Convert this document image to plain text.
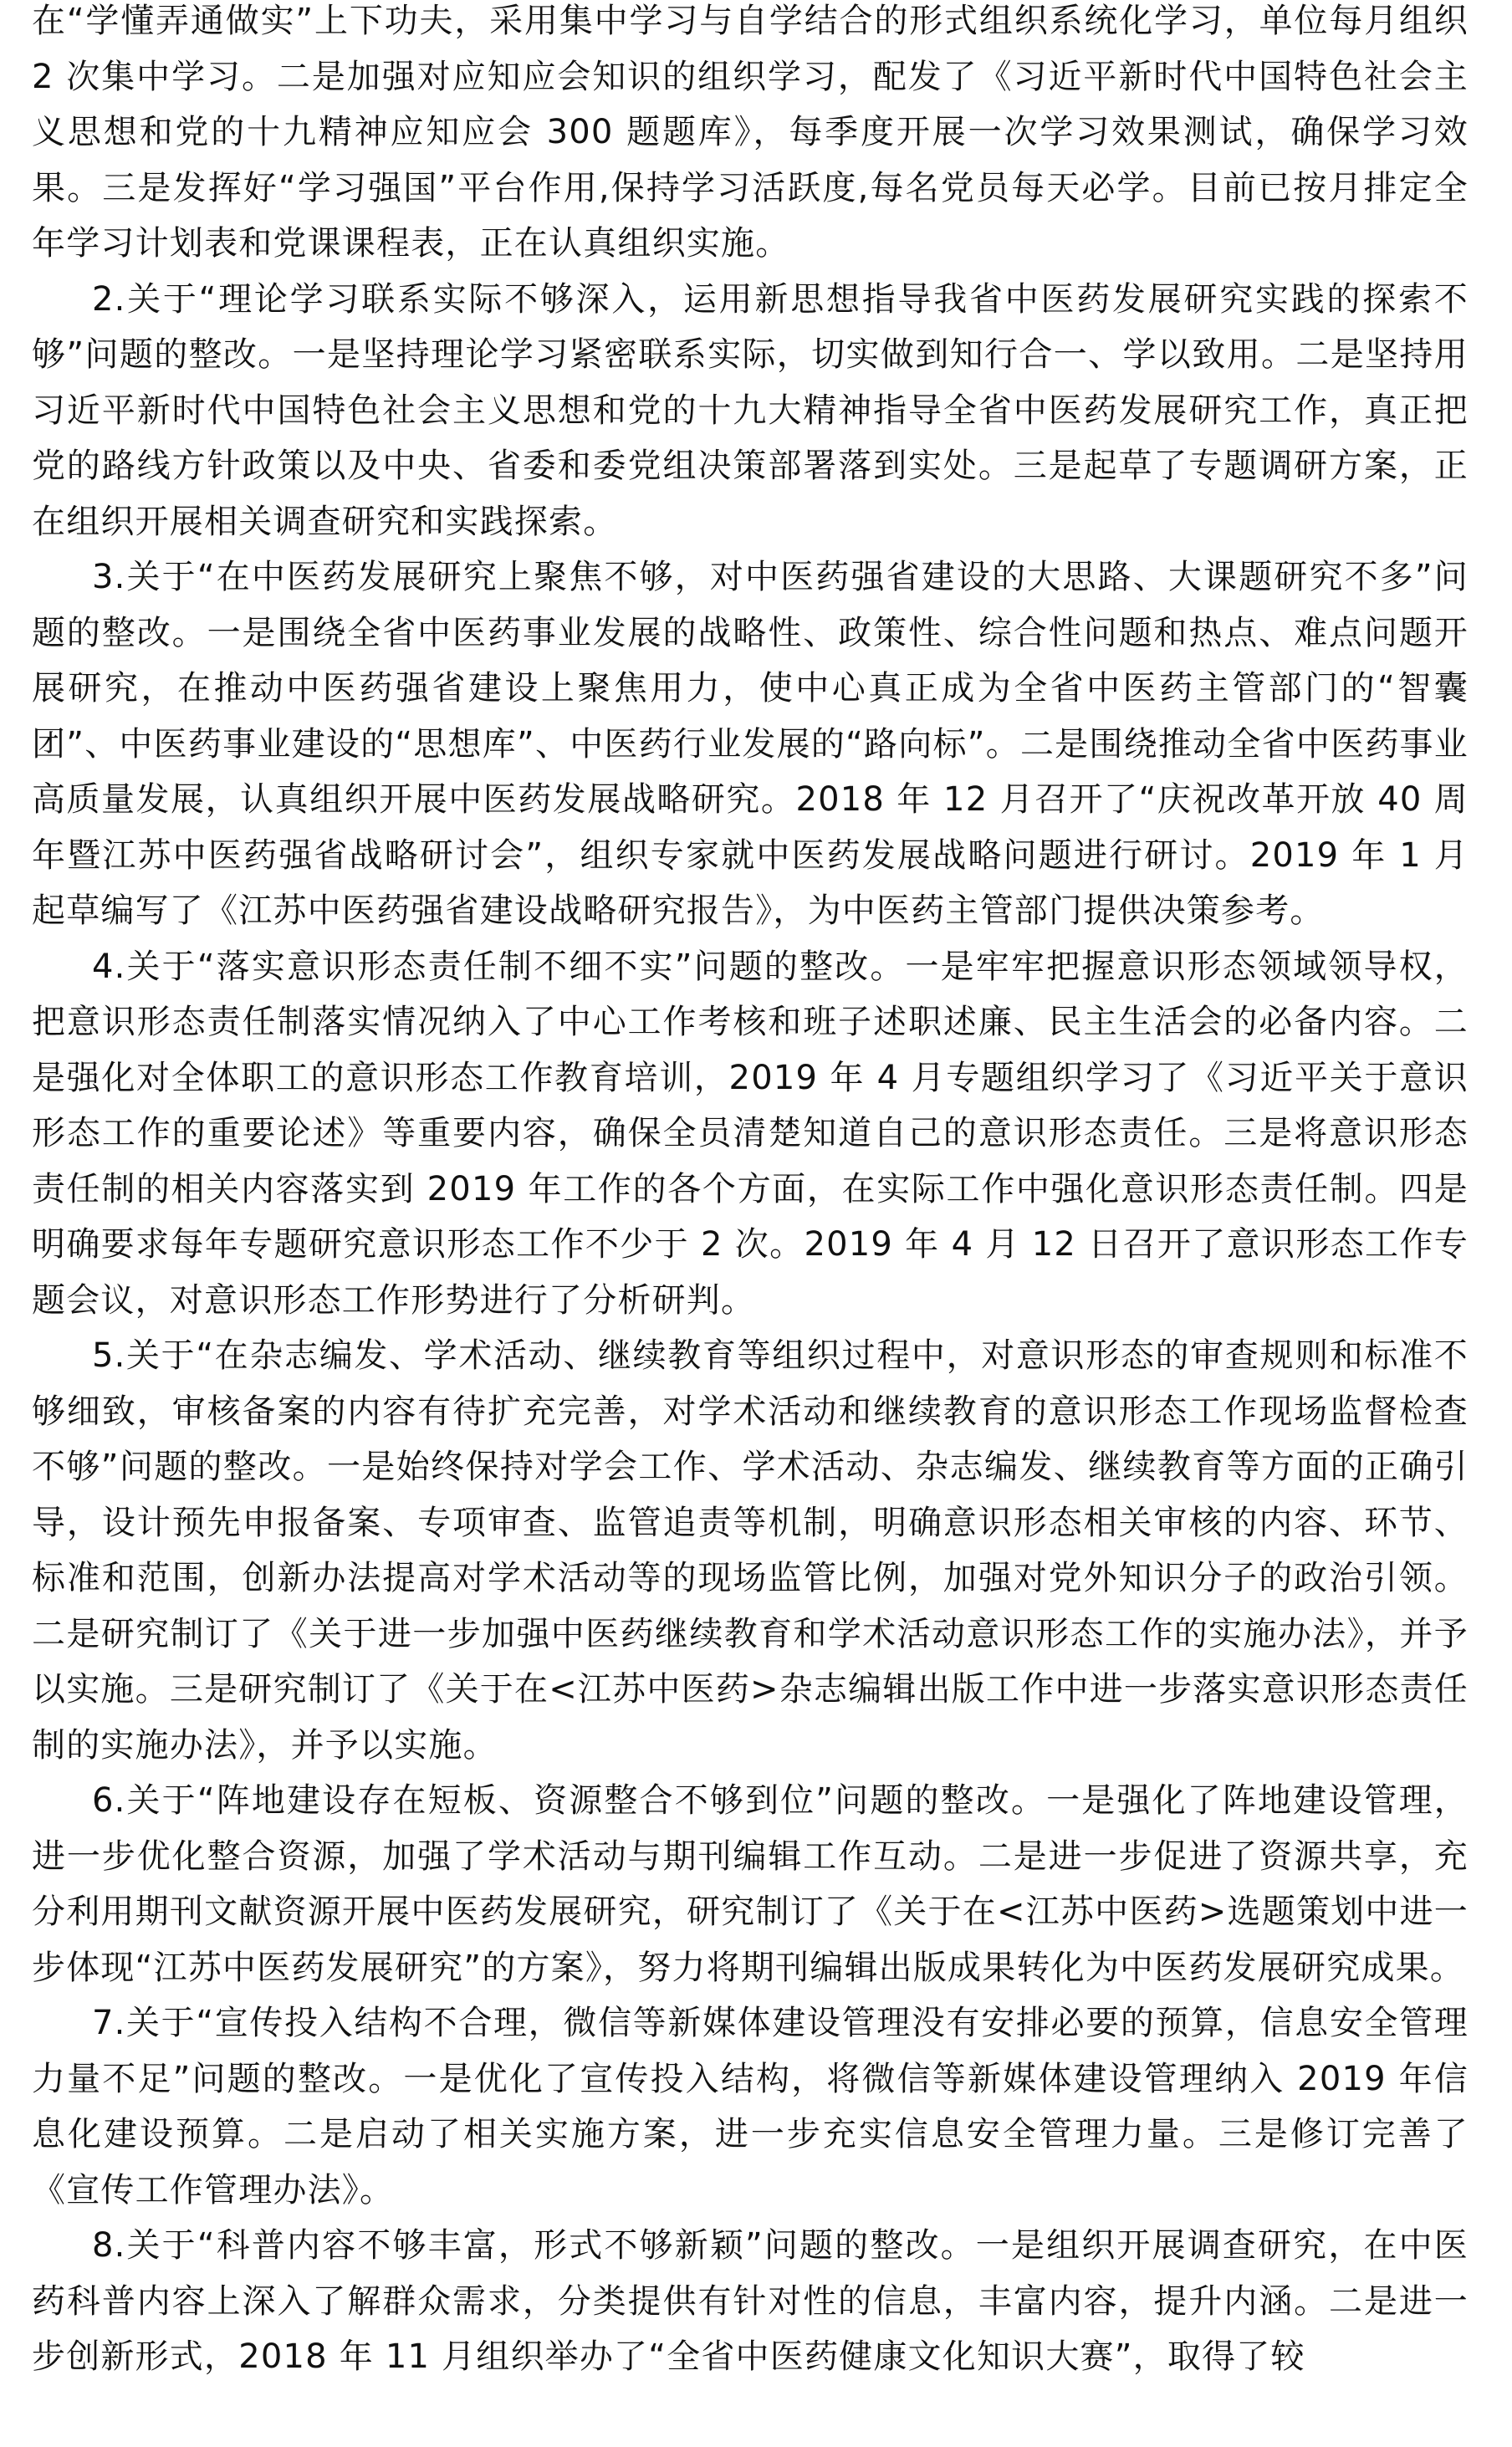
在“学懂弄通做实”上下功夫，采用集中学习与自学结合的形式组织系统化学习，单位每月组织 2 次集中学习。二是加强对应知应会知识的组织学习，配发了《习近平新时代中国特色社会主义思想和党的十九精神应知应会 300 题题库》，每季度开展一次学习效果测试，确保学习效果。三是发挥好“学习强国”平台作用,保持学习活跃度,每名党员每天必学。目前已按月排定全年学习计划表和党课课程表，正在认真组织实施。

2.关于“理论学习联系实际不够深入，运用新思想指导我省中医药发展研究实践的探索不够”问题的整改。一是坚持理论学习紧密联系实际，切实做到知行合一、学以致用。二是坚持用习近平新时代中国特色社会主义思想和党的十九大精神指导全省中医药发展研究工作，真正把党的路线方针政策以及中央、省委和委党组决策部署落到实处。三是起草了专题调研方案，正在组织开展相关调查研究和实践探索。

3.关于“在中医药发展研究上聚焦不够，对中医药强省建设的大思路、大课题研究不多”问题的整改。一是围绕全省中医药事业发展的战略性、政策性、综合性问题和热点、难点问题开展研究，在推动中医药强省建设上聚焦用力，使中心真正成为全省中医药主管部门的“智囊团”、中医药事业建设的“思想库”、中医药行业发展的“路向标”。二是围绕推动全省中医药事业高质量发展，认真组织开展中医药发展战略研究。2018 年 12 月召开了“庆祝改革开放 40 周年暨江苏中医药强省战略研讨会”，组织专家就中医药发展战略问题进行研讨。2019 年 1 月起草编写了《江苏中医药强省建设战略研究报告》，为中医药主管部门提供决策参考。

4.关于“落实意识形态责任制不细不实”问题的整改。一是牢牢把握意识形态领域领导权，把意识形态责任制落实情况纳入了中心工作考核和班子述职述廉、民主生活会的必备内容。二是强化对全体职工的意识形态工作教育培训，2019 年 4 月专题组织学习了《习近平关于意识形态工作的重要论述》等重要内容，确保全员清楚知道自己的意识形态责任。三是将意识形态责任制的相关内容落实到 2019 年工作的各个方面，在实际工作中强化意识形态责任制。四是明确要求每年专题研究意识形态工作不少于 2 次。2019 年 4 月 12 日召开了意识形态工作专题会议，对意识形态工作形势进行了分析研判。

5.关于“在杂志编发、学术活动、继续教育等组织过程中，对意识形态的审查规则和标准不够细致，审核备案的内容有待扩充完善，对学术活动和继续教育的意识形态工作现场监督检查不够”问题的整改。一是始终保持对学会工作、学术活动、杂志编发、继续教育等方面的正确引导，设计预先申报备案、专项审查、监管追责等机制，明确意识形态相关审核的内容、环节、标准和范围，创新办法提高对学术活动等的现场监管比例，加强对党外知识分子的政治引领。二是研究制订了《关于进一步加强中医药继续教育和学术活动意识形态工作的实施办法》，并予以实施。三是研究制订了《关于在<江苏中医药>杂志编辑出版工作中进一步落实意识形态责任制的实施办法》，并予以实施。

6.关于“阵地建设存在短板、资源整合不够到位”问题的整改。一是强化了阵地建设管理，进一步优化整合资源，加强了学术活动与期刊编辑工作互动。二是进一步促进了资源共享，充分利用期刊文献资源开展中医药发展研究，研究制订了《关于在<江苏中医药>选题策划中进一步体现“江苏中医药发展研究”的方案》，努力将期刊编辑出版成果转化为中医药发展研究成果。

7.关于“宣传投入结构不合理，微信等新媒体建设管理没有安排必要的预算，信息安全管理力量不足”问题的整改。一是优化了宣传投入结构，将微信等新媒体建设管理纳入 2019 年信息化建设预算。二是启动了相关实施方案，进一步充实信息安全管理力量。三是修订完善了《宣传工作管理办法》。

8.关于“科普内容不够丰富，形式不够新颖”问题的整改。一是组织开展调查研究，在中医药科普内容上深入了解群众需求，分类提供有针对性的信息，丰富内容，提升内涵。二是进一步创新形式，2018 年 11 月组织举办了“全省中医药健康文化知识大赛”，取得了较
